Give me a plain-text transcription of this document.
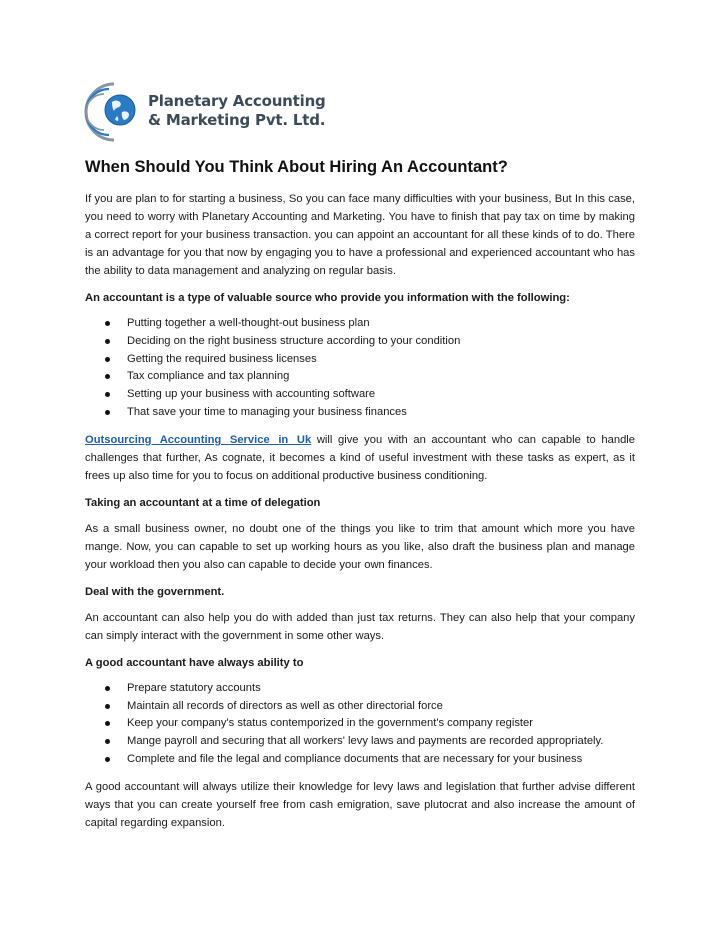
Planetary Accounting
& Marketing Pvt. Ltd.
When Should You Think About Hiring An Accountant?

If you are plan to for starting a business, So you can face many difficulties with your business, But In this case, you need to worry with Planetary Accounting and Marketing. You have to finish that pay tax on time by making a correct report for your business transaction. you can appoint an accountant for all these kinds of to do. There is an advantage for you that now by engaging you to have a professional and experienced accountant who has the ability to data management and analyzing on regular basis.

An accountant is a type of valuable source who provide you information with the following:

Putting together a well-thought-out business plan
Deciding on the right business structure according to your condition
Getting the required business licenses
Tax compliance and tax planning
Setting up your business with accounting software
That save your time to managing your business finances

Outsourcing Accounting Service in Uk will give you with an accountant who can capable to handle challenges that further, As cognate, it becomes a kind of useful investment with these tasks as expert, as it frees up also time for you to focus on additional productive business conditioning.

Taking an accountant at a time of delegation

As a small business owner, no doubt one of the things you like to trim that amount which more you have mange. Now, you can capable to set up working hours as you like, also draft the business plan and manage your workload then you also can capable to decide your own finances.

Deal with the government.

An accountant can also help you do with added than just tax returns. They can also help that your company can simply interact with the government in some other ways.

A good accountant have always ability to

Prepare statutory accounts
Maintain all records of directors as well as other directorial force
Keep your company's status contemporized in the government's company register
Mange payroll and securing that all workers' levy laws and payments are recorded appropriately.
Complete and file the legal and compliance documents that are necessary for your business

A good accountant will always utilize their knowledge for levy laws and legislation that further advise different ways that you can create yourself free from cash emigration, save plutocrat and also increase the amount of capital regarding expansion.
